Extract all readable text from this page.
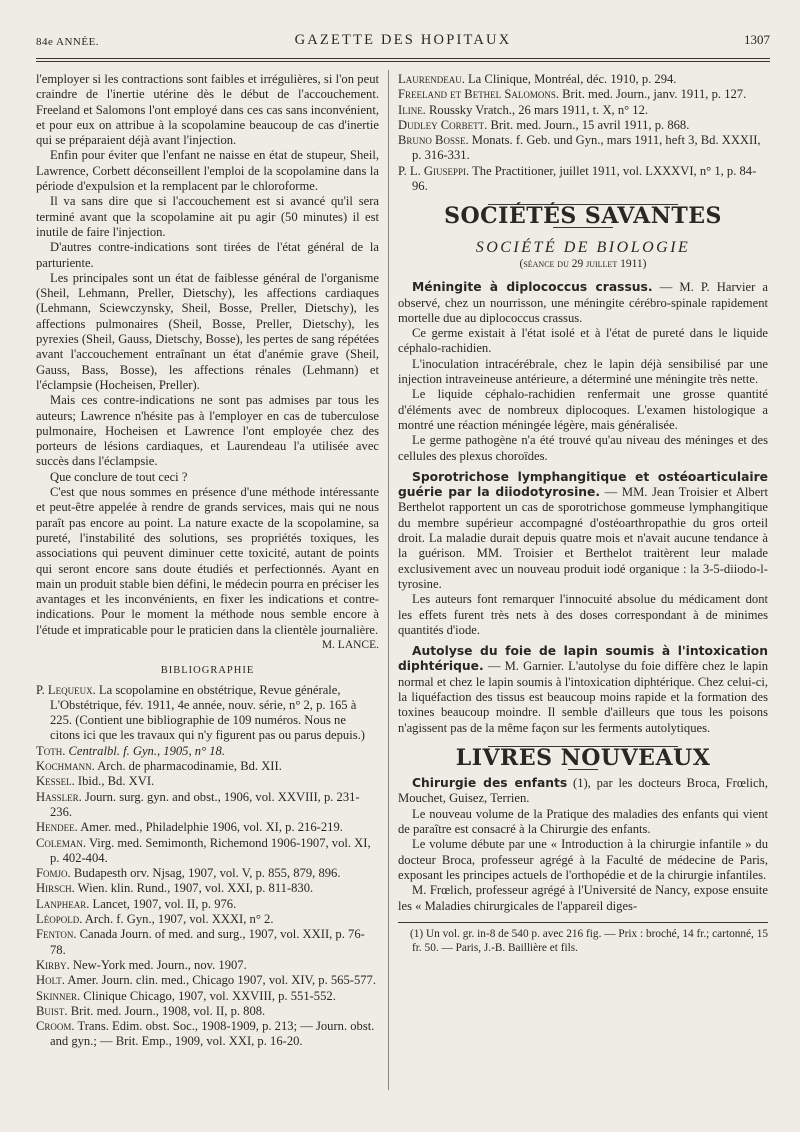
84e ANNÉE.	GAZETTE DES HOPITAUX	1307

l'employer si les contractions sont faibles et irrégulières, si l'on peut craindre de l'inertie utérine dès le début de l'accouchement. Freeland et Salomons l'ont employé dans ces cas sans inconvénient, et pour eux on attribue à la scopolamine beaucoup de cas d'inertie qui se préparaient déjà avant l'injection.

Enfin pour éviter que l'enfant ne naisse en état de stupeur, Sheil, Lawrence, Corbett déconseillent l'emploi de la scopolamine dans la période d'expulsion et la remplacent par le chloroforme.

Il va sans dire que si l'accouchement est si avancé qu'il sera terminé avant que la scopolamine ait pu agir (50 minutes) il est inutile de faire l'injection.

D'autres contre-indications sont tirées de l'état général de la parturiente.

Les principales sont un état de faiblesse général de l'organisme (Sheil, Lehmann, Preller, Dietschy), les affections cardiaques (Lehmann, Sciewczynsky, Sheil, Bosse, Preller, Dietschy), les affections pulmonaires (Sheil, Bosse, Preller, Dietschy), les pyrexies (Sheil, Gauss, Dietschy, Bosse), les pertes de sang répétées avant l'accouchement entraînant un état d'anémie grave (Sheil, Gauss, Bass, Bosse), les affections rénales (Lehmann) et l'éclampsie (Hocheisen, Preller).

Mais ces contre-indications ne sont pas admises par tous les auteurs; Lawrence n'hésite pas à l'employer en cas de tuberculose pulmonaire, Hocheisen et Lawrence l'ont employée chez des porteurs de lésions cardiaques, et Laurendeau l'a utilisée avec succès dans l'éclampsie.

Que conclure de tout ceci ?

C'est que nous sommes en présence d'une méthode intéressante et peut-être appelée à rendre de grands services, mais qui ne nous paraît pas encore au point. La nature exacte de la scopolamine, sa pureté, l'instabilité des solutions, ses propriétés toxiques, les associations qui peuvent diminuer cette toxicité, autant de points qui seront encore sans doute étudiés et perfectionnés. Ayant en main un produit stable bien défini, le médecin pourra en préciser les avantages et les inconvénients, en fixer les indications et contre-indications. Pour le moment la méthode nous semble encore à l'étude et impraticable pour le praticien dans la clientèle journalière.

M. LANCE.

BIBLIOGRAPHIE

P. Lequeux. La scopolamine en obstétrique, Revue générale, L'Obstétrique, fév. 1911, 4e année, nouv. série, n° 2, p. 165 à 225. (Contient une bibliographie de 109 numéros. Nous ne citons ici que les travaux qui n'y figurent pas ou parus depuis.)

Toth. Centralbl. f. Gyn., 1905, n° 18.

Kochmann. Arch. de pharmacodinamie, Bd. XII.

Kessel. Ibid., Bd. XVI.

Hassler. Journ. surg. gyn. and obst., 1906, vol. XXVIII, p. 231-236.

Hendee. Amer. med., Philadelphie 1906, vol. XI, p. 216-219.

Coleman. Virg. med. Semimonth, Richemond 1906-1907, vol. XI, p. 402-404.

Fomjo. Budapesth orv. Njsag, 1907, vol. V, p. 855, 879, 896.

Hirsch. Wien. klin. Rund., 1907, vol. XXI, p. 811-830.

Lanphear. Lancet, 1907, vol. II, p. 976.

Léopold. Arch. f. Gyn., 1907, vol. XXXI, n° 2.

Fenton. Canada Journ. of med. and surg., 1907, vol. XXII, p. 76-78.

Kirby. New-York med. Journ., nov. 1907.

Holt. Amer. Journ. clin. med., Chicago 1907, vol. XIV, p. 565-577.

Skinner. Clinique Chicago, 1907, vol. XXVIII, p. 551-552.

Buist. Brit. med. Journ., 1908, vol. II, p. 808.

Croom. Trans. Edim. obst. Soc., 1908-1909, p. 213; — Journ. obst. and gyn.; — Brit. Emp., 1909, vol. XXI, p. 16-20.

Laurendeau. La Clinique, Montréal, déc. 1910, p. 294.

Freeland et Bethel Salomons. Brit. med. Journ., janv. 1911, p. 127.

Iline. Roussky Vratch., 26 mars 1911, t. X, n° 12.

Dudley Corbett. Brit. med. Journ., 15 avril 1911, p. 868.

Bruno Bosse. Monats. f. Geb. und Gyn., mars 1911, heft 3, Bd. XXXII, p. 316-331.

P. L. Giuseppi. The Practitioner, juillet 1911, vol. LXXXVI, n° 1, p. 84-96.

SOCIÉTÉS SAVANTES
SOCIÉTÉ DE BIOLOGIE
(séance du 29 juillet 1911)

Méningite à diplococcus crassus. — M. P. Harvier a observé, chez un nourrisson, une méningite cérébro-spinale rapidement mortelle due au diplococcus crassus.

Ce germe existait à l'état isolé et à l'état de pureté dans le liquide céphalo-rachidien.

L'inoculation intracérébrale, chez le lapin déjà sensibilisé par une injection intraveineuse antérieure, a déterminé une méningite très nette.

Le liquide céphalo-rachidien renfermait une grosse quantité d'éléments avec de nombreux diplocoques. L'examen histologique a montré une réaction méningée légère, mais généralisée.

Le germe pathogène n'a été trouvé qu'au niveau des méninges et des cellules des plexus choroïdes.

Sporotrichose lymphangitique et ostéoarticulaire guérie par la diiodotyrosine. — MM. Jean Troisier et Albert Berthelot rapportent un cas de sporotrichose gommeuse lymphangitique du membre supérieur accompagné d'ostéoarthropathie du gros orteil droit. La maladie durait depuis quatre mois et n'avait aucune tendance à la guérison. MM. Troisier et Berthelot traitèrent leur malade exclusivement avec un nouveau produit iodé organique : la 3-5-diiodo-l-tyrosine.

Les auteurs font remarquer l'innocuité absolue du médicament dont les effets furent très nets à des doses correspondant à de minimes quantités d'iode.

Autolyse du foie de lapin soumis à l'intoxication diphtérique. — M. Garnier. L'autolyse du foie diffère chez le lapin normal et chez le lapin soumis à l'intoxication diphtérique. Chez celui-ci, la liquéfaction des tissus est beaucoup moins rapide et la formation des toxines beaucoup moindre. Il semble d'ailleurs que tous les poisons n'agissent pas de la même façon sur les ferments autolytiques.

LIVRES NOUVEAUX

Chirurgie des enfants (1), par les docteurs Broca, Frœlich, Mouchet, Guisez, Terrien.

Le nouveau volume de la Pratique des maladies des enfants qui vient de paraître est consacré à la Chirurgie des enfants.

Le volume débute par une « Introduction à la chirurgie infantile » du docteur Broca, professeur agrégé à la Faculté de médecine de Paris, exposant les principes actuels de l'orthopédie et de la chirurgie infantiles.

M. Frœlich, professeur agrégé à l'Université de Nancy, expose ensuite les « Maladies chirurgicales de l'appareil diges-

(1) Un vol. gr. in-8 de 540 p. avec 216 fig. — Prix : broché, 14 fr.; cartonné, 15 fr. 50. — Paris, J.-B. Baillière et fils.
